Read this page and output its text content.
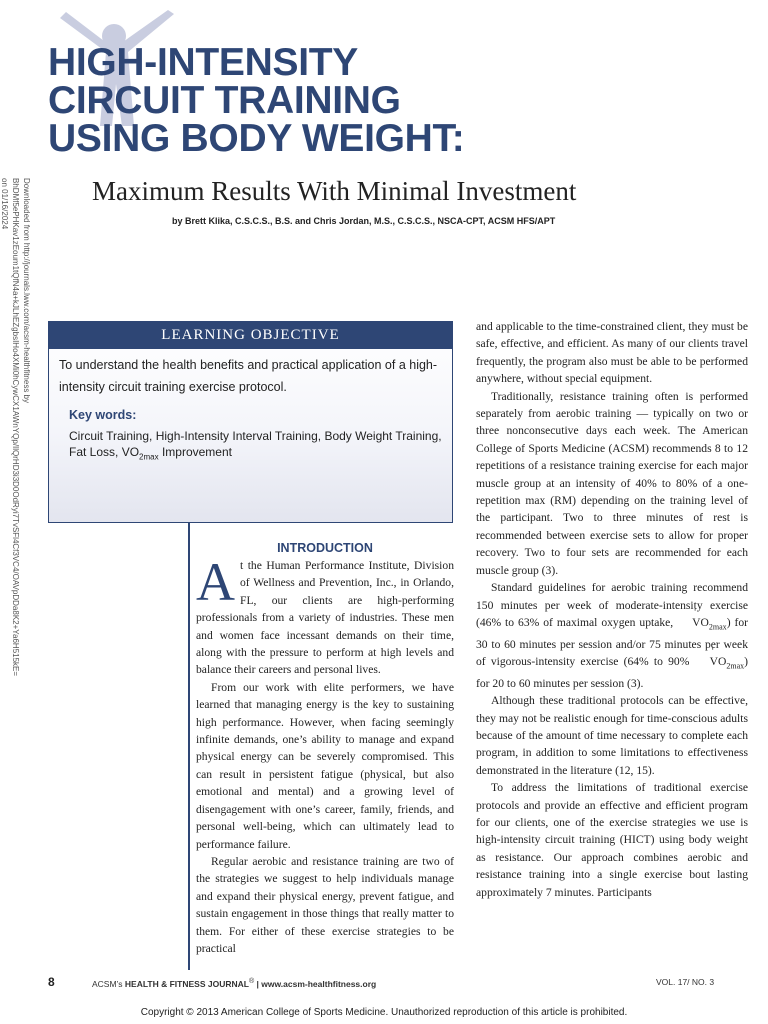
HIGH-INTENSITY
CIRCUIT TRAINING
USING BODY WEIGHT:
Maximum Results With Minimal Investment
by Brett Klika, C.S.C.S., B.S. and Chris Jordan, M.S., C.S.C.S., NSCA-CPT, ACSM HFS/APT
Downloaded from http://journals.lww.com/acsm-healthfitness by BhDMf5ePHKav1zEoum1tQfN4a+kJLhEZgbsIHo4XMi0hCywCX1AWnYQp/IlQrHD3i3D0OdRyi7TvSFl4Cf3VC4/OAVpDDa8K2+Ya6H515kE= on 01/16/2024
LEARNING OBJECTIVE
To understand the health benefits and practical application of a high-intensity circuit training exercise protocol.
Key words:
Circuit Training, High-Intensity Interval Training, Body Weight Training, Fat Loss, ˙ $VO_{2max}$ Improvement
INTRODUCTION

At the Human Performance Institute, Division of Wellness and Prevention, Inc., in Orlando, FL, our clients are high-performing professionals from a variety of industries. These men and women face incessant demands on their time, along with the pressure to perform at high levels and balance their careers and personal lives.

From our work with elite performers, we have learned that managing energy is the key to sustaining high performance. However, when facing seemingly infinite demands, one’s ability to manage and expand physical energy can be severely compromised. This can result in persistent fatigue (physical, but also emotional and mental) and a growing level of disengagement with one’s career, family, friends, and personal well-being, which can ultimately lead to performance failure.

Regular aerobic and resistance training are two of the strategies we suggest to help individuals manage and expand their physical energy, prevent fatigue, and sustain engagement in those things that really matter to them. For either of these exercise strategies to be practical

and applicable to the time-constrained client, they must be safe, effective, and efficient. As many of our clients travel frequently, the program also must be able to be performed anywhere, without special equipment.

Traditionally, resistance training often is performed separately from aerobic training — typically on two or three nonconsecutive days each week. The American College of Sports Medicine (ACSM) recommends 8 to 12 repetitions of a resistance training exercise for each major muscle group at an intensity of 40% to 80% of a one-repetition max (RM) depending on the training level of the participant. Two to three minutes of rest is recommended between exercise sets to allow for proper recovery. Two to four sets are recommended for each muscle group (3).

Standard guidelines for aerobic training recommend 150 minutes per week of moderate-intensity exercise (46% to 63% of maximal oxygen uptake, ˙ $VO_{2max}$) for 30 to 60 minutes per session and/or 75 minutes per week of vigorous-intensity exercise (64% to 90% ˙ $VO_{2max}$) for 20 to 60 minutes per session (3).

Although these traditional protocols can be effective, they may not be realistic enough for time-conscious adults because of the amount of time necessary to complete each program, in addition to some limitations to effectiveness demonstrated in the literature (12, 15).

To address the limitations of traditional exercise protocols and provide an effective and efficient program for our clients, one of the exercise strategies we use is high-intensity circuit training (HICT) using body weight as resistance. Our approach combines aerobic and resistance training into a single exercise bout lasting approximately 7 minutes. Participants

8	ACSM’s HEALTH & FITNESS JOURNAL® | www.acsm-healthfitness.org	VOL. 17/ NO. 3
Copyright © 2013 American College of Sports Medicine. Unauthorized reproduction of this article is prohibited.
